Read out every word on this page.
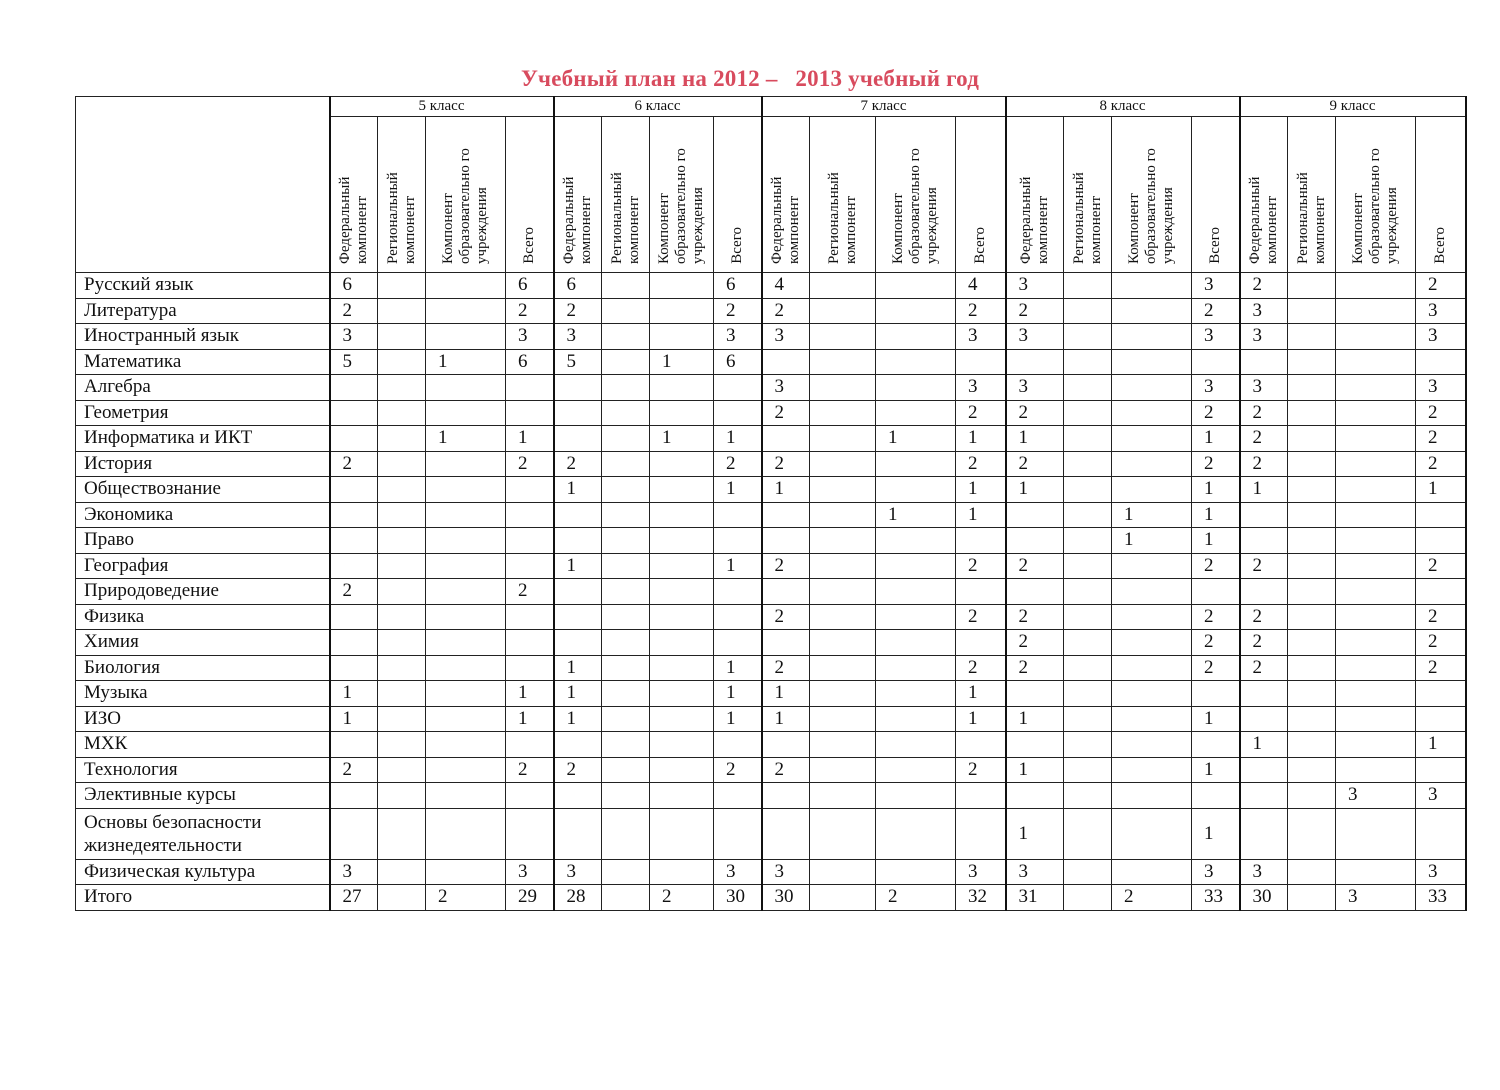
Учебный план на 2012 –   2013 учебный год
	5 класс				6 класс				7 класс				8 класс				9 класс			
	Федеральный компонент	Региональный компонент	Компонент образовательно го учреждения	Всего	Федеральный компонент	Региональный компонент	Компонент образовательно го учреждения	Всего	Федеральный компонент	Региональный компонент	Компонент образовательно го учреждения	Всего	Федеральный компонент	Региональный компонент	Компонент образовательно го учреждения	Всего	Федеральный компонент	Региональный компонент	Компонент образовательно го учреждения	Всего
Русский язык	6			6	6			6	4			4	3			3	2			2
Литература	2			2	2			2	2			2	2			2	3			3
Иностранный язык	3			3	3			3	3			3	3			3	3			3
Математика	5		1	6	5		1	6												
Алгебра									3			3	3			3	3			3
Геометрия									2			2	2			2	2			2
Информатика и ИКТ			1	1			1	1			1	1	1			1	2			2
История	2			2	2			2	2			2	2			2	2			2
Обществознание					1			1	1			1	1			1	1			1
Экономика											1	1			1	1				
Право															1	1				
География					1			1	2			2	2			2	2			2
Природоведение	2			2																
Физика									2			2	2			2	2			2
Химия													2			2	2			2
Биология					1			1	2			2	2			2	2			2
Музыка	1			1	1			1	1			1								
ИЗО	1			1	1			1	1			1	1			1				
МХК																	1			1
Технология	2			2	2			2	2			2	1			1				
Элективные курсы																			3	3
Основы безопасности жизнедеятельности													1			1				
Физическая культура	3			3	3			3	3			3	3			3	3			3
Итого	27		2	29	28		2	30	30		2	32	31		2	33	30		3	33
